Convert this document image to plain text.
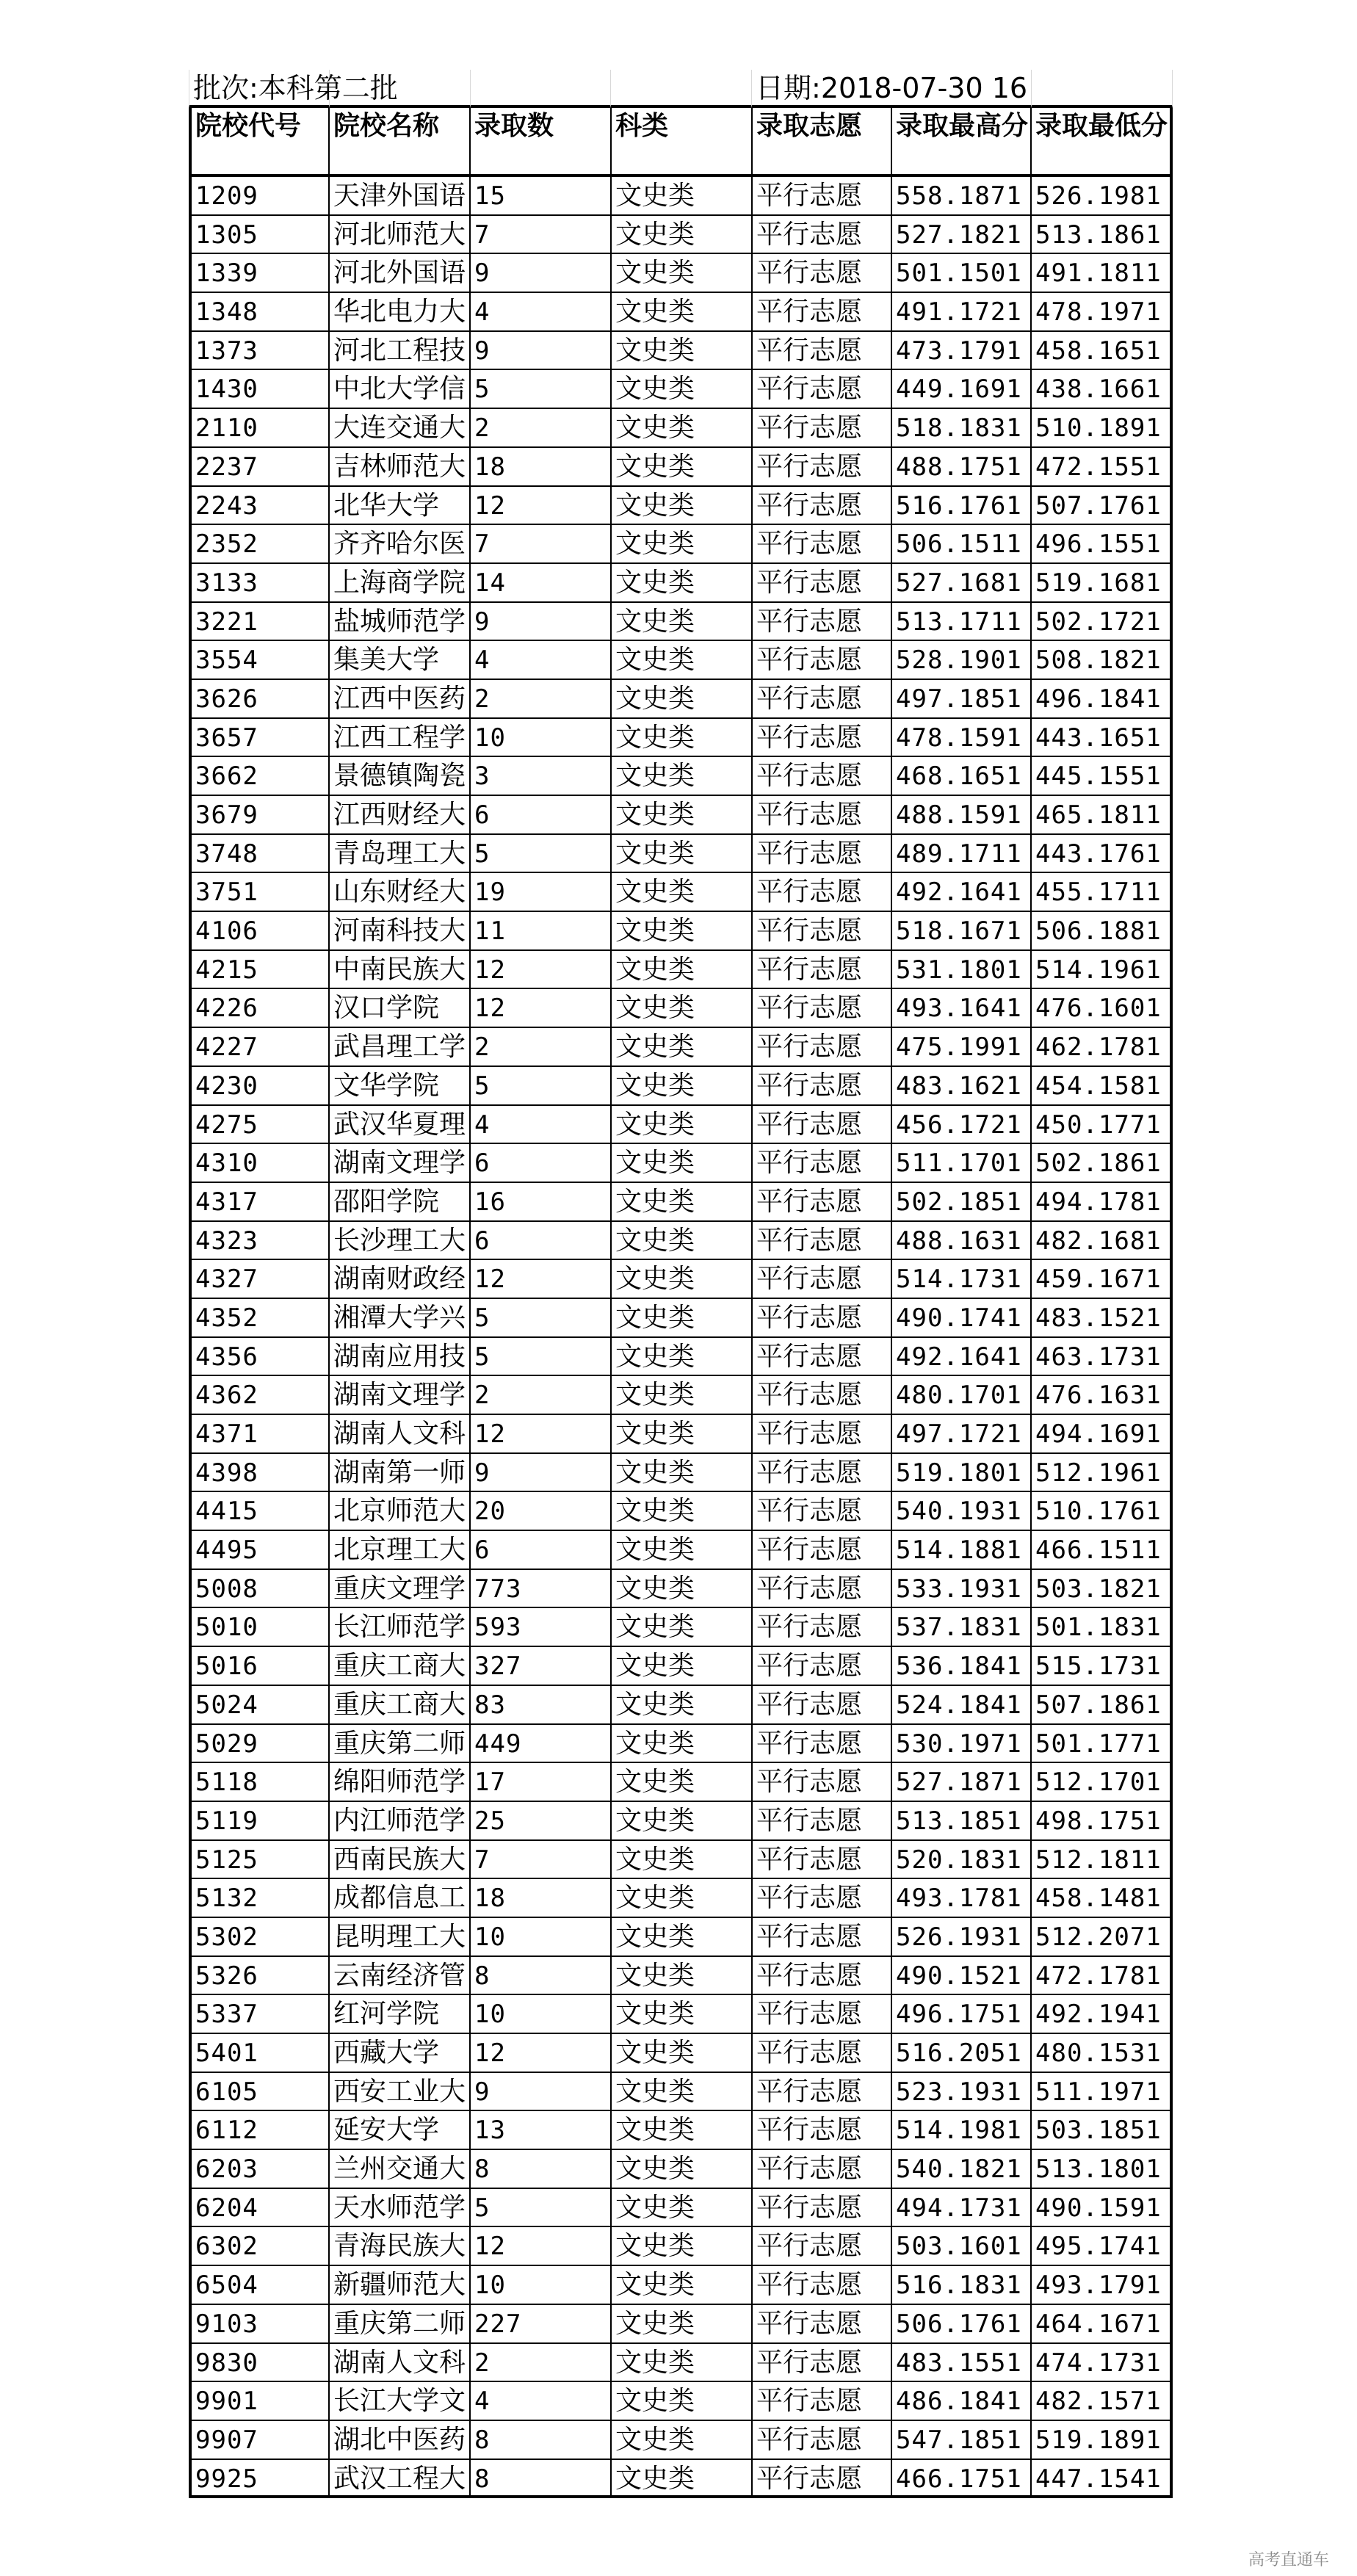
批次:本科第二批	日期:2018-07-30 16
院校代号	院校名称	录取数	科类	录取志愿	录取最高分 录取最低分
1209	天津外国语 15	文史类	平行志愿	558.1871 526.1981
1305	河北师范大 7	文史类	平行志愿	527.1821 513.1861
1339	河北外国语 9	文史类	平行志愿	501.1501 491.1811
1348	华北电力大 4	文史类	平行志愿	491.1721 478.1971
1373	河北工程技 9	文史类	平行志愿	473.1791 458.1651
1430	中北大学信 5	文史类	平行志愿	449.1691 438.1661
2110	大连交通大 2	文史类	平行志愿	518.1831 510.1891
2237	吉林师范大 18	文史类	平行志愿	488.1751 472.1551
2243	北华大学	12	文史类	平行志愿	516.1761 507.1761
2352	齐齐哈尔医 7	文史类	平行志愿	506.1511 496.1551
3133	上海商学院 14	文史类	平行志愿	527.1681 519.1681
3221	盐城师范学 9	文史类	平行志愿	513.1711 502.1721
3554	集美大学	4	文史类	平行志愿	528.1901 508.1821
3626	江西中医药 2	文史类	平行志愿	497.1851 496.1841
3657	江西工程学 10	文史类	平行志愿	478.1591 443.1651
3662	景德镇陶瓷 3	文史类	平行志愿	468.1651 445.1551
3679	江西财经大 6	文史类	平行志愿	488.1591 465.1811
3748	青岛理工大 5	文史类	平行志愿	489.1711 443.1761
3751	山东财经大 19	文史类	平行志愿	492.1641 455.1711
4106	河南科技大 11	文史类	平行志愿	518.1671 506.1881
4215	中南民族大 12	文史类	平行志愿	531.1801 514.1961
4226	汉口学院	12	文史类	平行志愿	493.1641 476.1601
4227	武昌理工学 2	文史类	平行志愿	475.1991 462.1781
4230	文华学院	5	文史类	平行志愿	483.1621 454.1581
4275	武汉华夏理 4	文史类	平行志愿	456.1721 450.1771
4310	湖南文理学 6	文史类	平行志愿	511.1701 502.1861
4317	邵阳学院	16	文史类	平行志愿	502.1851 494.1781
4323	长沙理工大 6	文史类	平行志愿	488.1631 482.1681
4327	湖南财政经 12	文史类	平行志愿	514.1731 459.1671
4352	湘潭大学兴 5	文史类	平行志愿	490.1741 483.1521
4356	湖南应用技 5	文史类	平行志愿	492.1641 463.1731
4362	湖南文理学 2	文史类	平行志愿	480.1701 476.1631
4371	湖南人文科 12	文史类	平行志愿	497.1721 494.1691
4398	湖南第一师 9	文史类	平行志愿	519.1801 512.1961
4415	北京师范大 20	文史类	平行志愿	540.1931 510.1761
4495	北京理工大 6	文史类	平行志愿	514.1881 466.1511
5008	重庆文理学 773	文史类	平行志愿	533.1931 503.1821
5010	长江师范学 593	文史类	平行志愿	537.1831 501.1831
5016	重庆工商大 327	文史类	平行志愿	536.1841 515.1731
5024	重庆工商大 83	文史类	平行志愿	524.1841 507.1861
5029	重庆第二师 449	文史类	平行志愿	530.1971 501.1771
5118	绵阳师范学 17	文史类	平行志愿	527.1871 512.1701
5119	内江师范学 25	文史类	平行志愿	513.1851 498.1751
5125	西南民族大 7	文史类	平行志愿	520.1831 512.1811
5132	成都信息工 18	文史类	平行志愿	493.1781 458.1481
5302	昆明理工大 10	文史类	平行志愿	526.1931 512.2071
5326	云南经济管 8	文史类	平行志愿	490.1521 472.1781
5337	红河学院	10	文史类	平行志愿	496.1751 492.1941
5401	西藏大学	12	文史类	平行志愿	516.2051 480.1531
6105	西安工业大 9	文史类	平行志愿	523.1931 511.1971
6112	延安大学	13	文史类	平行志愿	514.1981 503.1851
6203	兰州交通大 8	文史类	平行志愿	540.1821 513.1801
6204	天水师范学 5	文史类	平行志愿	494.1731 490.1591
6302	青海民族大 12	文史类	平行志愿	503.1601 495.1741
6504	新疆师范大 10	文史类	平行志愿	516.1831 493.1791
9103	重庆第二师 227	文史类	平行志愿	506.1761 464.1671
9830	湖南人文科 2	文史类	平行志愿	483.1551 474.1731
9901	长江大学文 4	文史类	平行志愿	486.1841 482.1571
9907	湖北中医药 8	文史类	平行志愿	547.1851 519.1891
9925	武汉工程大 8	文史类	平行志愿	466.1751 447.1541
高考直通车
